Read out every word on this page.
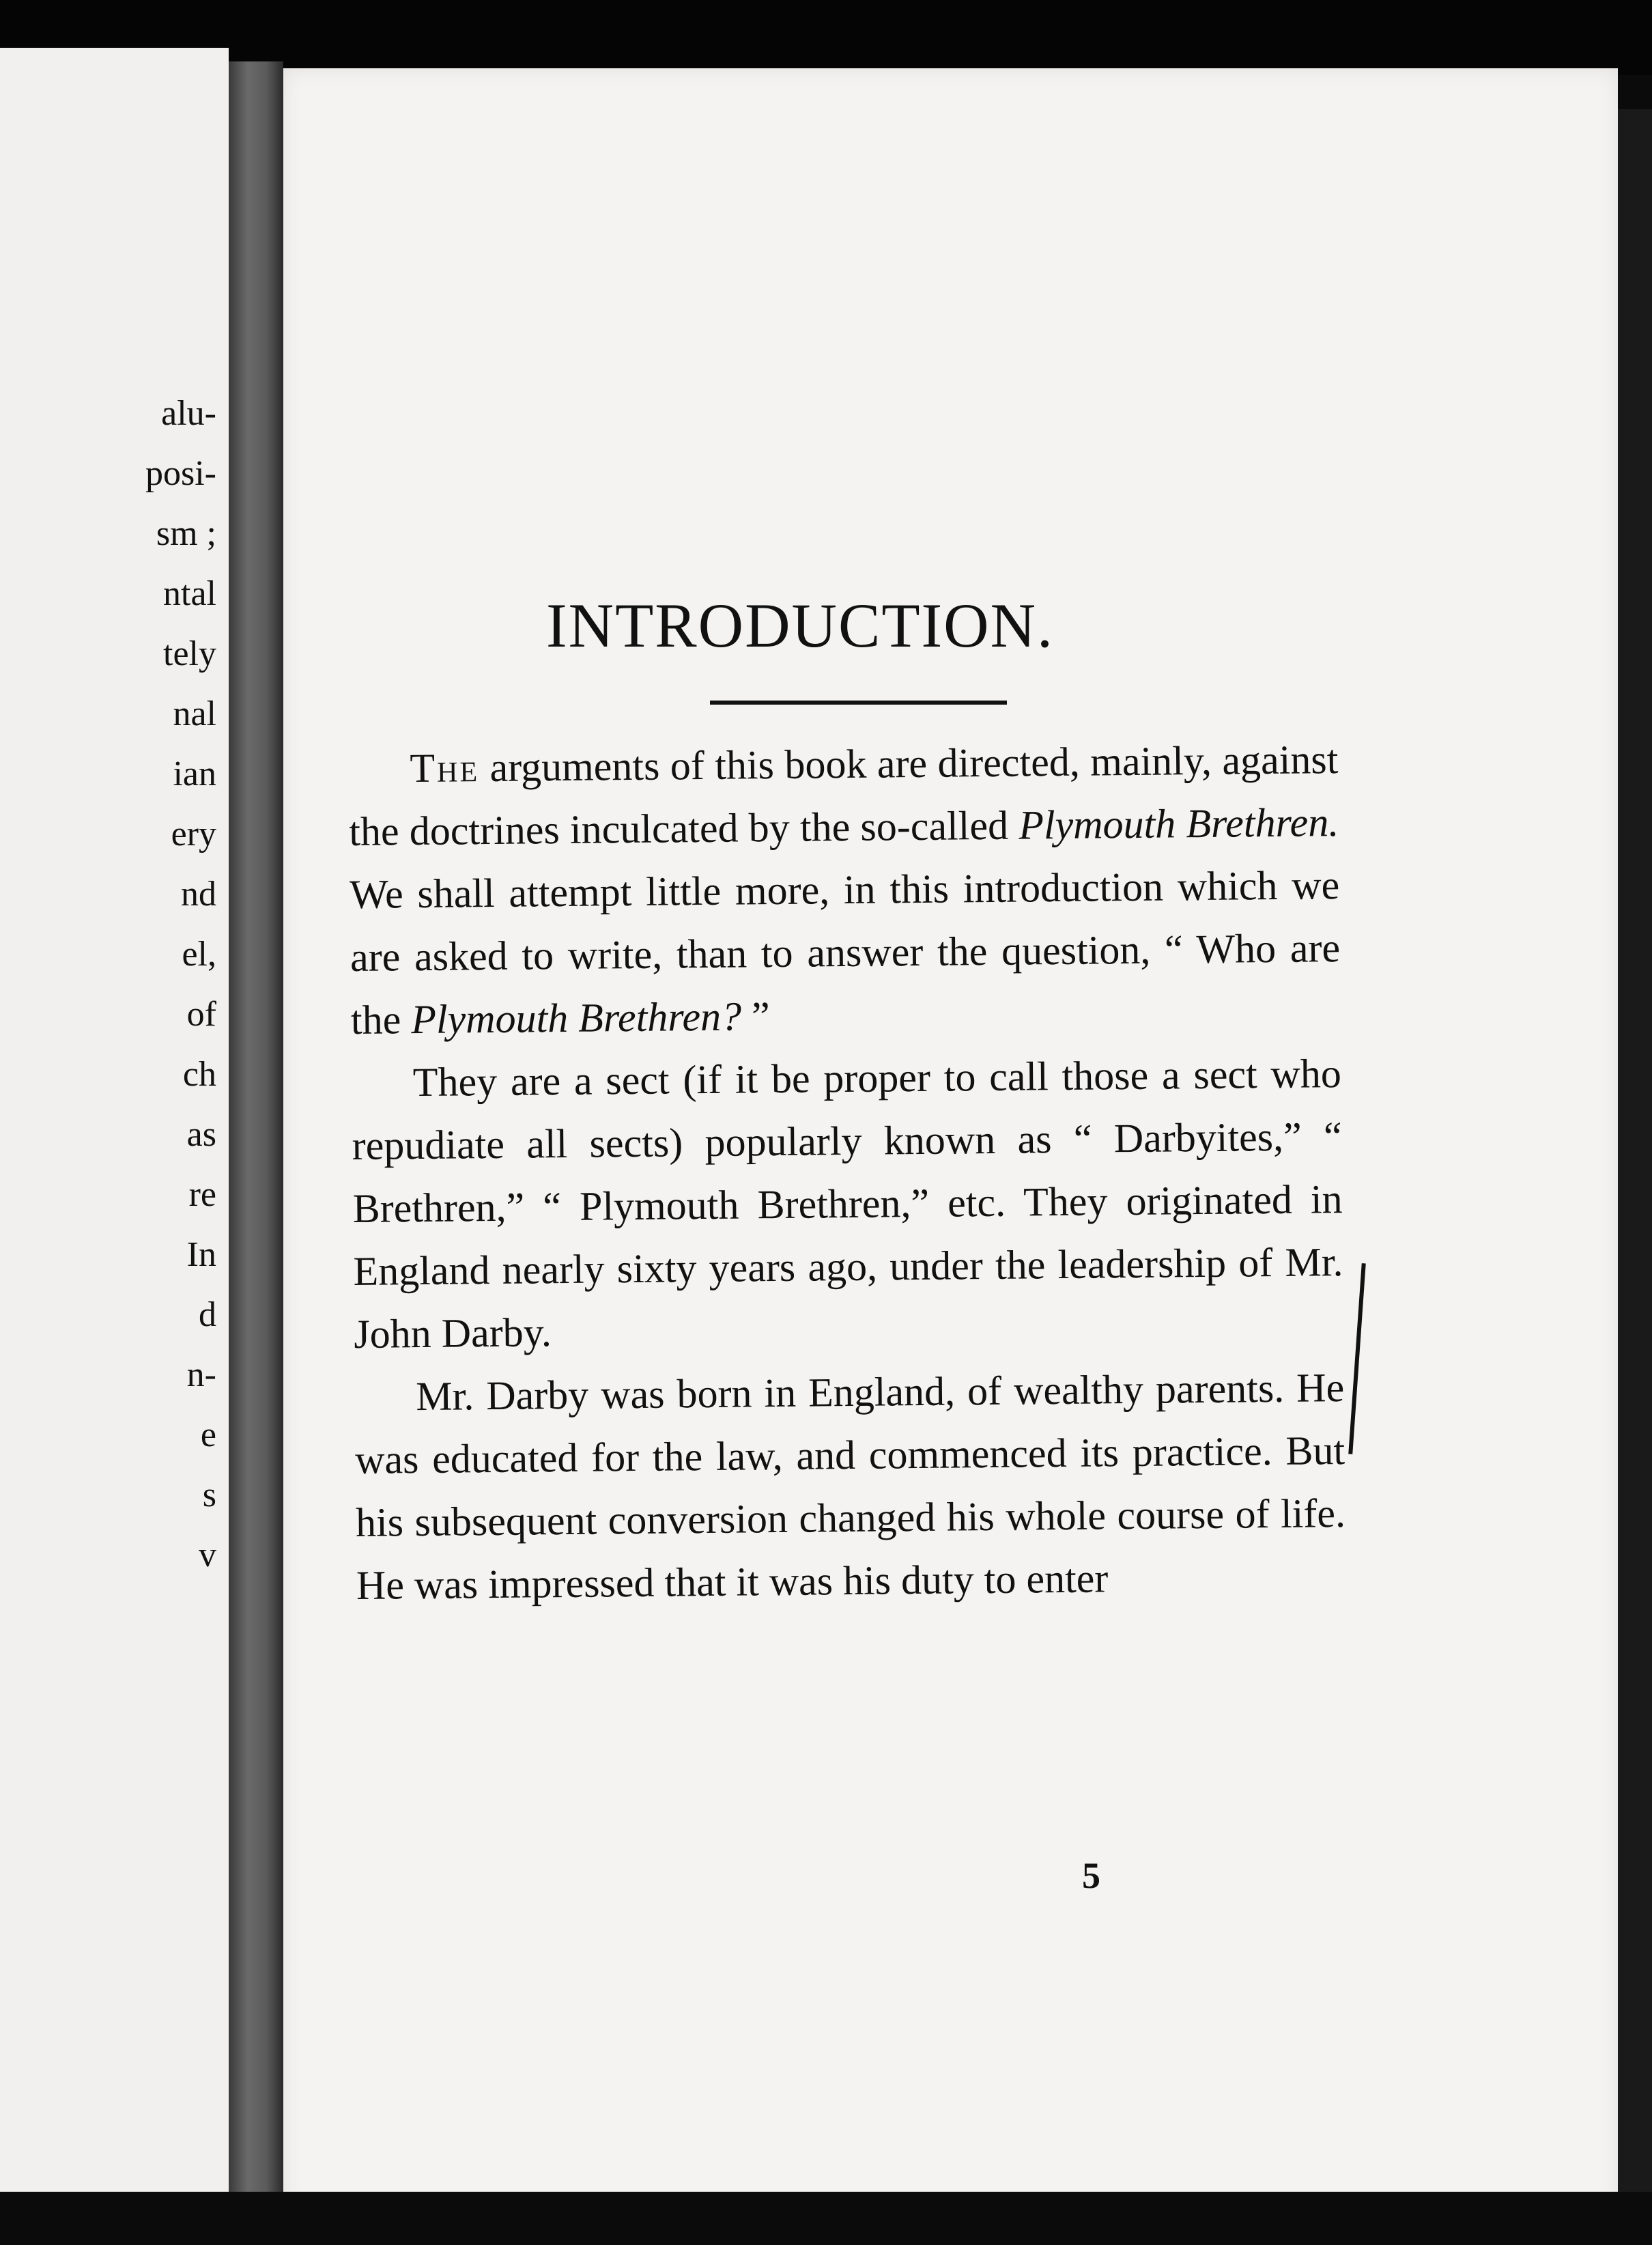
alu-
posi-
sm ;
ntal
tely
nal
ian
ery
nd
el,
of
ch
as
re
In
d
n-
e
s
v
INTRODUCTION.

The arguments of this book are directed, mainly, against the doctrines inculcated by the so-called Plymouth Brethren. We shall attempt little more, in this introduction which we are asked to write, than to answer the question, “ Who are the Plymouth Brethren? ”

They are a sect (if it be proper to call those a sect who repudiate all sects) popularly known as “ Darbyites,” “ Brethren,” “ Plymouth Brethren,” etc. They originated in England nearly sixty years ago, under the leadership of Mr. John Darby.

Mr. Darby was born in England, of wealthy parents. He was educated for the law, and commenced its practice. But his subsequent conversion changed his whole course of life. He was impressed that it was his duty to enter

5
